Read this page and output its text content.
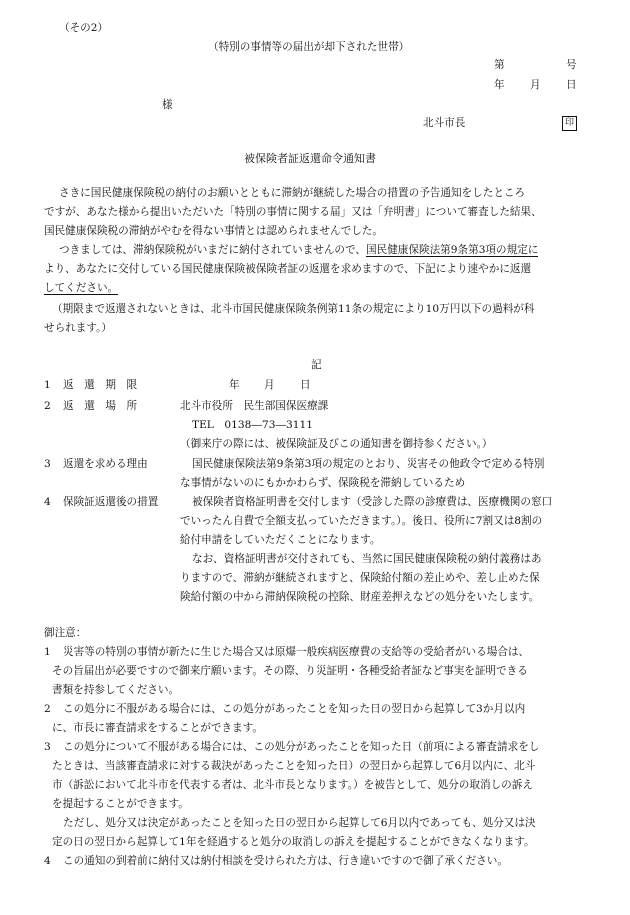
（その2）
（特別の事情等の届出が却下された世帯）
第	号
年 月 日
様
北斗市長	印
被保険者証返還命令通知書
さきに国民健康保険税の納付のお願いとともに滞納が継続した場合の措置の予告通知をしたところ
ですが、あなた様から提出いただいた「特別の事情に関する届」又は「弁明書」について審査した結果、
国民健康保険税の滞納がやむを得ない事情とは認められませんでした。
つきましては、滞納保険税がいまだに納付されていませんので、国民健康保険法第9条第3項の規定に
より、あなたに交付している国民健康保険被保険者証の返還を求めますので、下記により速やかに返還
してください。
（期限まで返還されないときは、北斗市国民健康保険条例第11条の規定により10万円以下の過料が科
せられます。）
記
1 返　還　期　限	年 月 日
2 返　還　場　所	北斗市役所　民生部国保医療課
TEL　0138―73―3111
（御来庁の際には、被保険証及びこの通知書を御持参ください。）
3 返還を求める理由	国民健康保険法第9条第3項の規定のとおり、災害その他政令で定める特別
な事情がないのにもかかわらず、保険税を滞納しているため
4 保険証返還後の措置	被保険者資格証明書を交付します（受診した際の診療費は、医療機関の窓口
でいったん自費で全額支払っていただきます。）。後日、役所に7割又は8割の
給付申請をしていただくことになります。
なお、資格証明書が交付されても、当然に国民健康保険税の納付義務はあ
りますので、滞納が継続されますと、保険給付額の差止めや、差し止めた保
険給付額の中から滞納保険税の控除、財産差押えなどの処分をいたします。
御注意：
1 災害等の特別の事情が新たに生じた場合又は原爆一般疾病医療費の支給等の受給者がいる場合は、
その旨届出が必要ですので御来庁願います。その際、り災証明・各種受給者証など事実を証明できる
書類を持参してください。
2 この処分に不服がある場合には、この処分があったことを知った日の翌日から起算して3か月以内
に、市長に審査請求をすることができます。
3 この処分について不服がある場合には、この処分があったことを知った日（前項による審査請求をし
たときは、当該審査請求に対する裁決があったことを知った日）の翌日から起算して6月以内に、北斗
市（訴訟において北斗市を代表する者は、北斗市長となります。）を被告として、処分の取消しの訴え
を提起することができます。
ただし、処分又は決定があったことを知った日の翌日から起算して6月以内であっても、処分又は決
定の日の翌日から起算して1年を経過すると処分の取消しの訴えを提起することができなくなります。
4 この通知の到着前に納付又は納付相談を受けられた方は、行き違いですので御了承ください。
